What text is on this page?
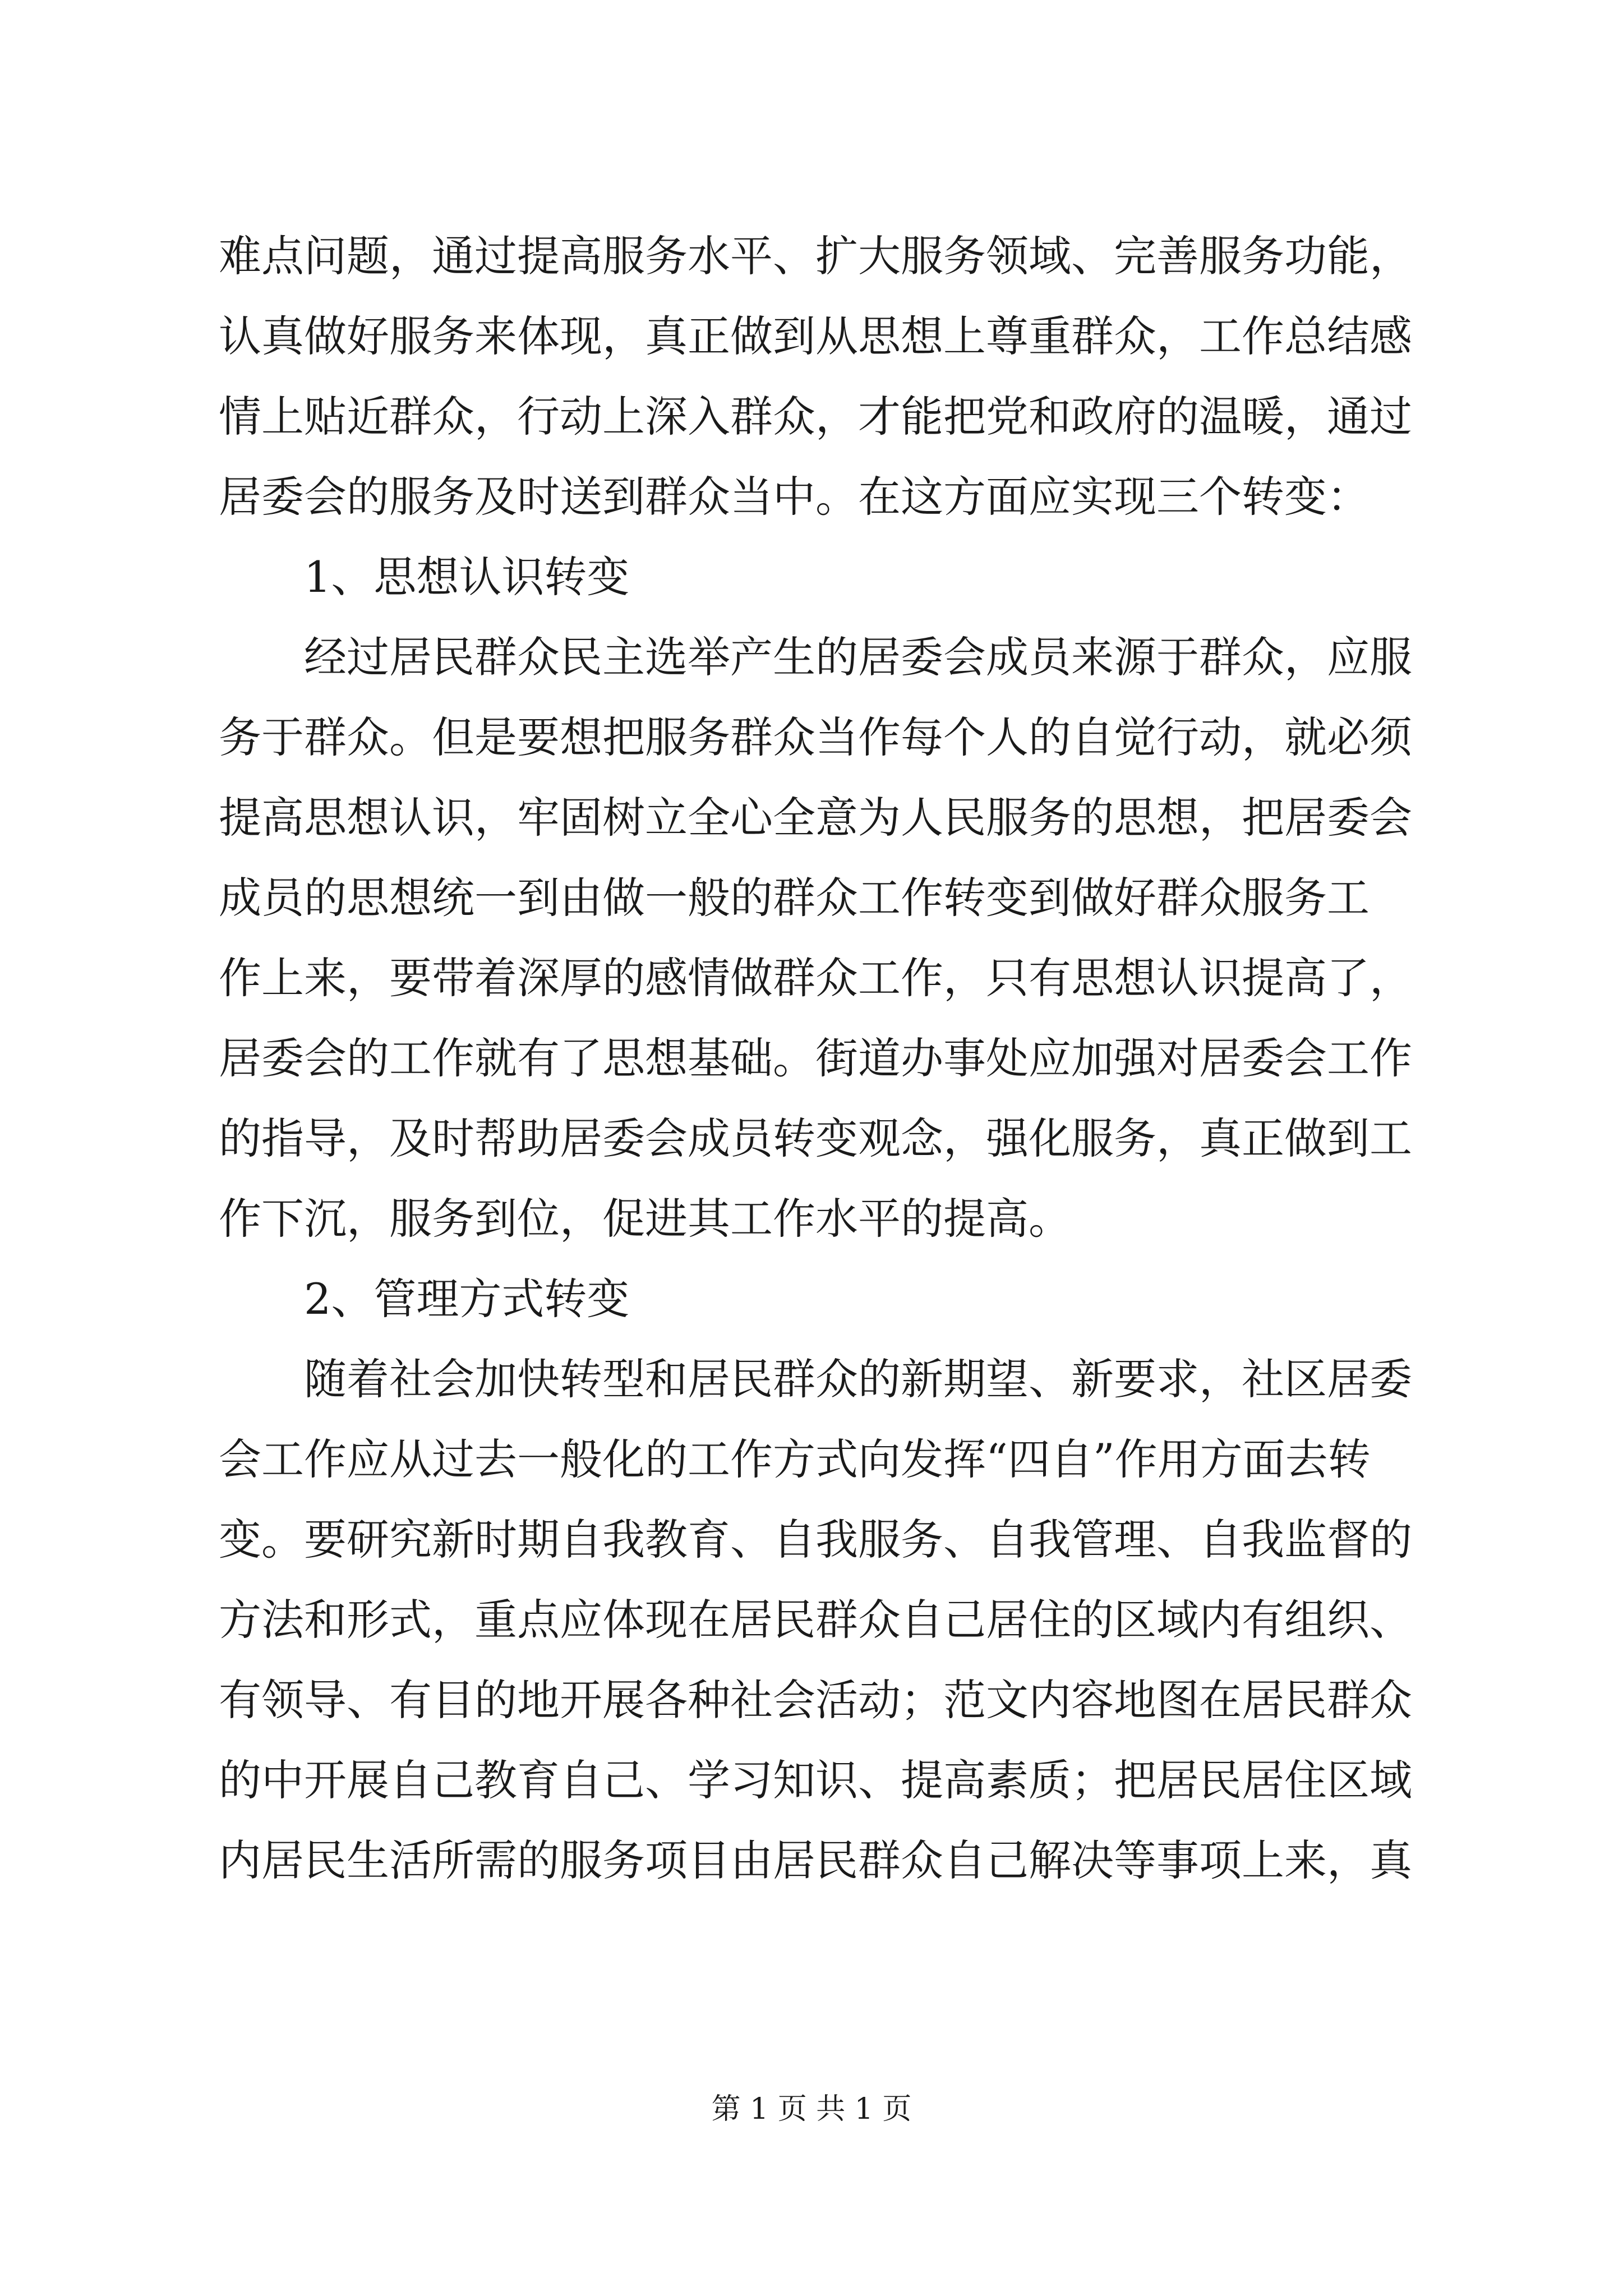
难点问题，通过提高服务水平、扩大服务领域、完善服务功能，
认真做好服务来体现，真正做到从思想上尊重群众，工作总结感
情上贴近群众，行动上深入群众，才能把党和政府的温暖，通过
居委会的服务及时送到群众当中。在这方面应实现三个转变：
1、思想认识转变
经过居民群众民主选举产生的居委会成员来源于群众，应服
务于群众。但是要想把服务群众当作每个人的自觉行动，就必须
提高思想认识，牢固树立全心全意为人民服务的思想，把居委会
成员的思想统一到由做一般的群众工作转变到做好群众服务工
作上来，要带着深厚的感情做群众工作，只有思想认识提高了，
居委会的工作就有了思想基础。街道办事处应加强对居委会工作
的指导，及时帮助居委会成员转变观念，强化服务，真正做到工
作下沉，服务到位，促进其工作水平的提高。
2、管理方式转变
随着社会加快转型和居民群众的新期望、新要求，社区居委
会工作应从过去一般化的工作方式向发挥“四自”作用方面去转
变。要研究新时期自我教育、自我服务、自我管理、自我监督的
方法和形式，重点应体现在居民群众自己居住的区域内有组织、
有领导、有目的地开展各种社会活动；范文内容地图在居民群众
的中开展自己教育自己、学习知识、提高素质；把居民居住区域
内居民生活所需的服务项目由居民群众自己解决等事项上来，真
第 1 页 共 1 页
